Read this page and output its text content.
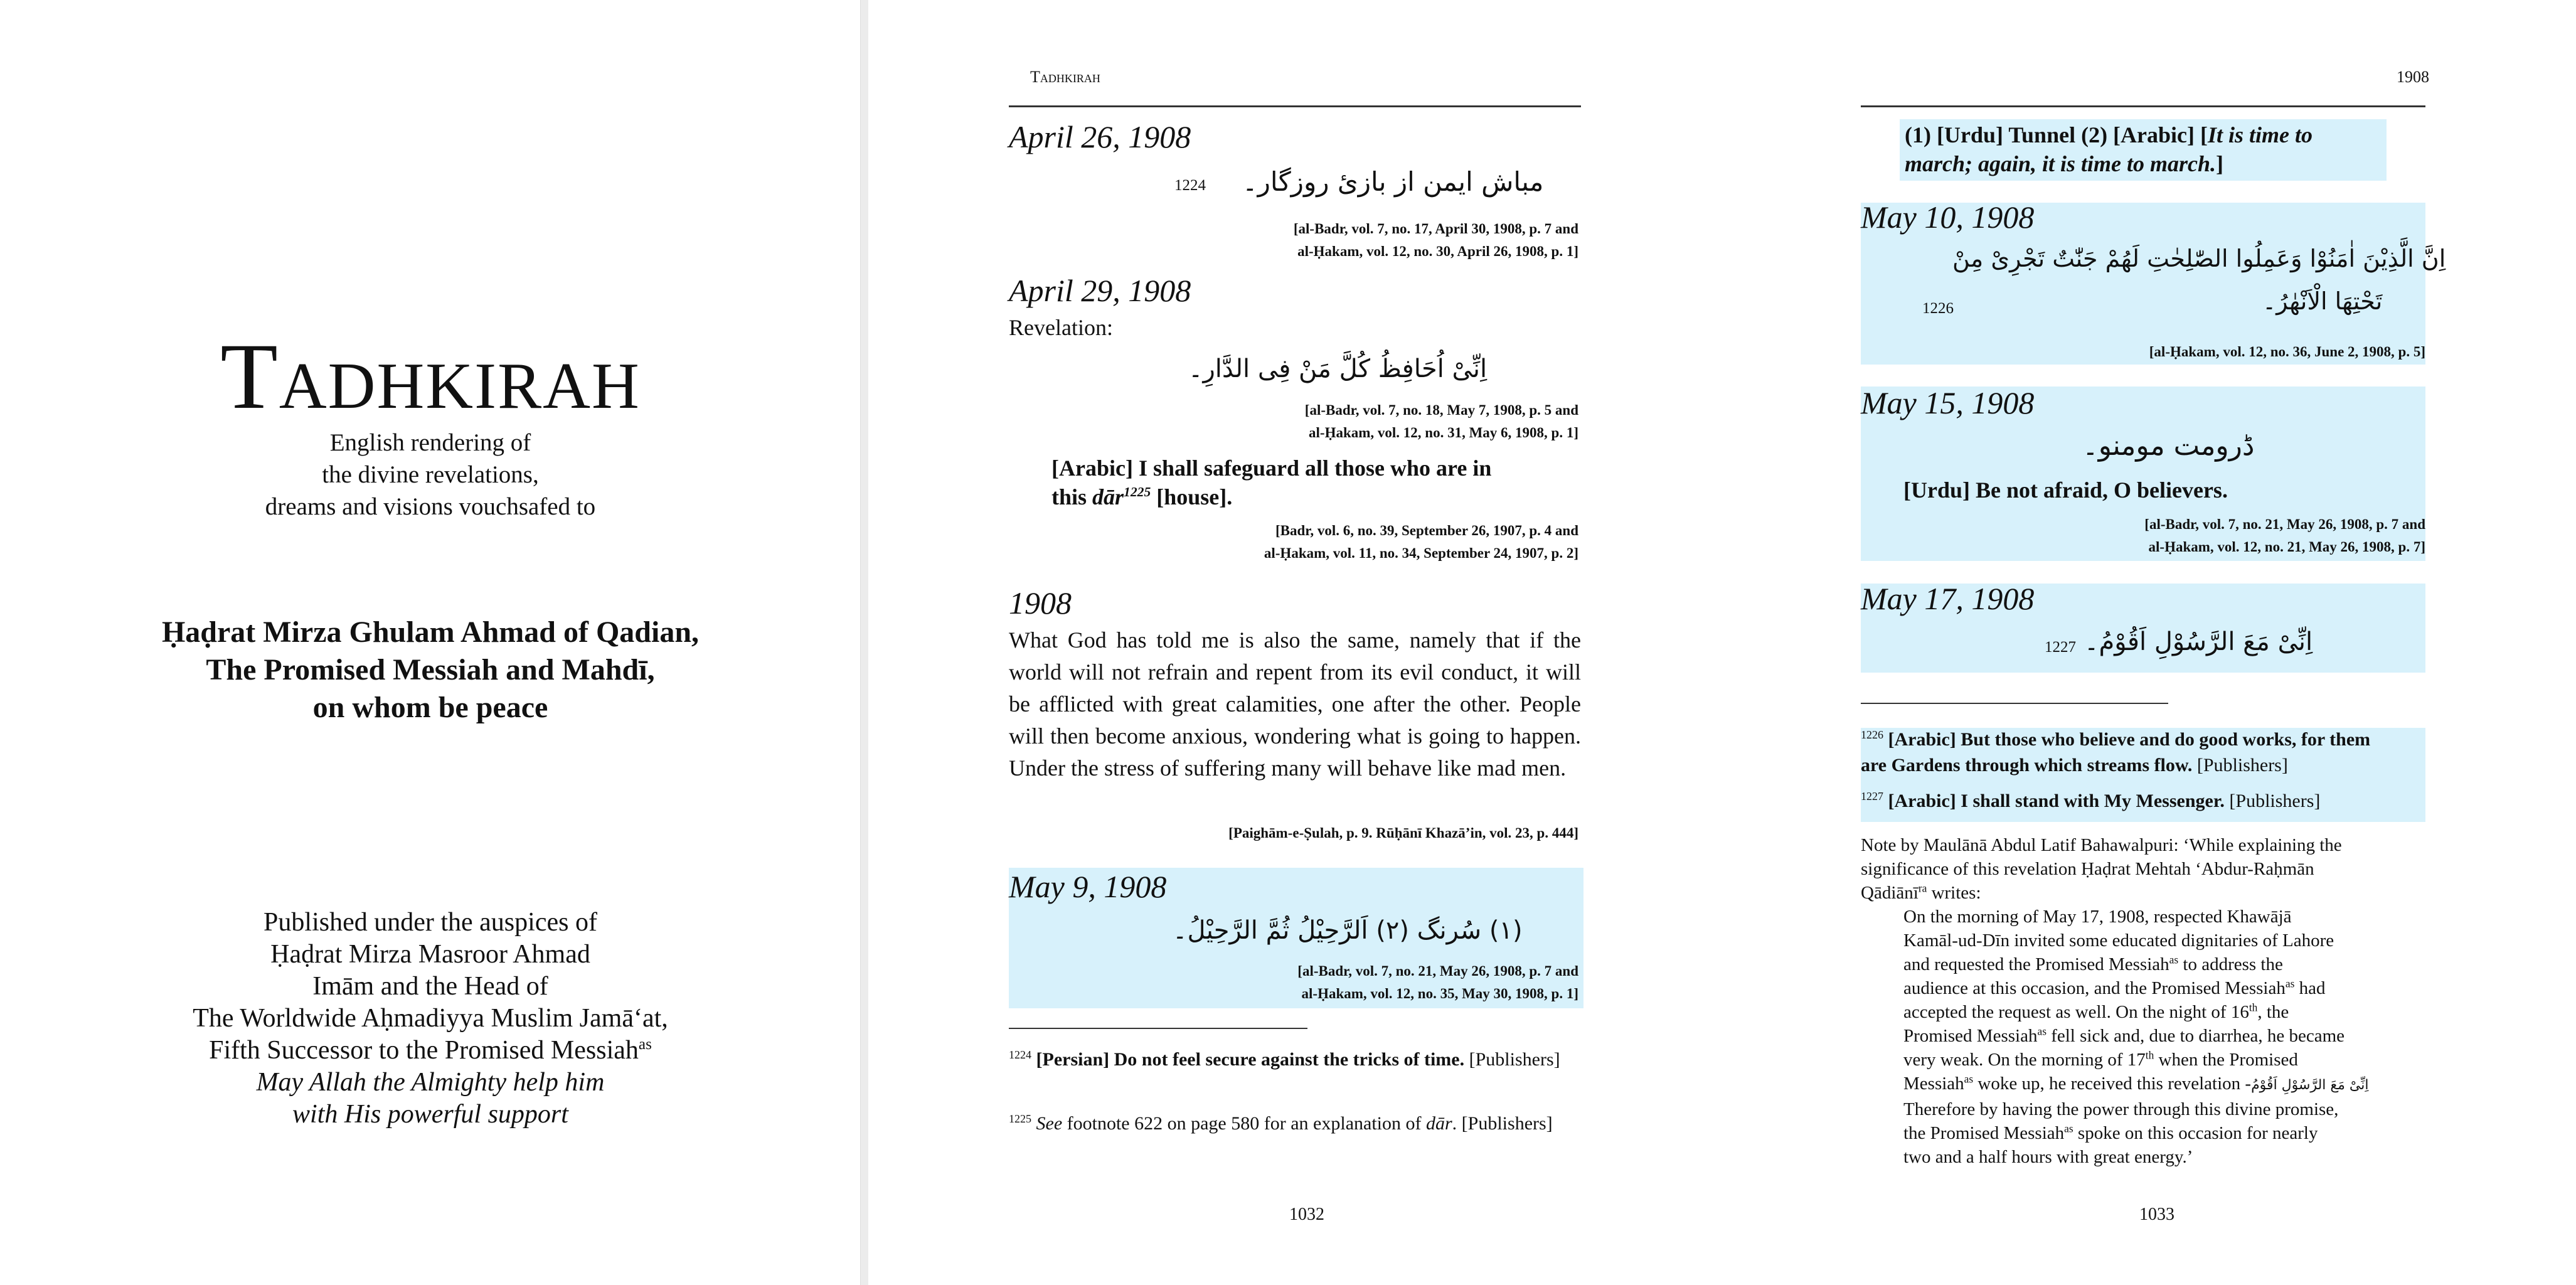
Tadhkirah
English rendering of
the divine revelations,
dreams and visions vouchsafed to
Ḥaḍrat Mirza Ghulam Ahmad of Qadian,
The Promised Messiah and Mahdī,
on whom be peace
Published under the auspices of
Ḥaḍrat Mirza Masroor Ahmad
Imām and the Head of
The Worldwide Aḥmadiyya Muslim Jamā‘at,
Fifth Successor to the Promised Messiah$^{as}$
May Allah the Almighty help him
with His powerful support
Tadhkirah
April 26, 1908
مباش ایمن از بازیٔ روزگار۔
1224
[al-Badr, vol. 7, no. 17, April 30, 1908, p. 7 and
al-Ḥakam, vol. 12, no. 30, April 26, 1908, p. 1]
April 29, 1908
Revelation:
اِنِّیْ اُحَافِظُ کُلَّ مَنْ فِی الدَّارِ۔
[al-Badr, vol. 7, no. 18, May 7, 1908, p. 5 and
al-Ḥakam, vol. 12, no. 31, May 6, 1908, p. 1]
[Arabic] I shall safeguard all those who are in
this dār$^{1225}$ [house].
[Badr, vol. 6, no. 39, September 26, 1907, p. 4 and
al-Ḥakam, vol. 11, no. 34, September 24, 1907, p. 2]
1908
What God has told me is also the same, namely that if the world will not refrain and repent from its evil conduct, it will be afflicted with great calamities, one after the other. People will then become anxious, wondering what is going to happen. Under the stress of suffering many will behave like mad men.
[Paighām-e-Ṣulah, p. 9. Rūḥānī Khazā’in, vol. 23, p. 444]
May 9, 1908
(۱) سُرنگ (۲) اَلرَّحِیْلُ ثُمَّ الرَّحِیْلُ۔
[al-Badr, vol. 7, no. 21, May 26, 1908, p. 7 and
al-Ḥakam, vol. 12, no. 35, May 30, 1908, p. 1]
$^{1224}$ [Persian] Do not feel secure against the tricks of time. [Publishers]
$^{1225}$ See footnote 622 on page 580 for an explanation of dār. [Publishers]
1032
1908
(1) [Urdu] Tunnel (2) [Arabic] [It is time to
march; again, it is time to march.]
May 10, 1908
اِنَّ الَّذِیْنَ اٰمَنُوْا وَعَمِلُوا الصّٰلِحٰتِ لَھُمْ جَنّٰتٌ تَجْرِیْ مِنْ
تَحْتِھَا الْاَنْھٰرُ۔
1226
[al-Ḥakam, vol. 12, no. 36, June 2, 1908, p. 5]
May 15, 1908
ڈرومت مومنو۔
[Urdu] Be not afraid, O believers.
[al-Badr, vol. 7, no. 21, May 26, 1908, p. 7 and
al-Ḥakam, vol. 12, no. 21, May 26, 1908, p. 7]
May 17, 1908
1227 اِنِّیْ مَعَ الرَّسُوْلِ اَقُوْمُ۔
$^{1226}$ [Arabic] But those who believe and do good works, for them
are Gardens through which streams flow. [Publishers]
$^{1227}$ [Arabic] I shall stand with My Messenger. [Publishers]
Note by Maulānā Abdul Latif Bahawalpuri: ‘While explaining the
significance of this revelation Ḥaḍrat Mehtah ‘Abdur-Raḥmān
Qādiānī$^{ra}$ writes:
On the morning of May 17, 1908, respected Khawājā
Kamāl-ud-Dīn invited some educated dignitaries of Lahore
and requested the Promised Messiah$^{as}$ to address the
audience at this occasion, and the Promised Messiah$^{as}$ had
accepted the request as well. On the night of 16th, the
Promised Messiah$^{as}$ fell sick and, due to diarrhea, he became
very weak. On the morning of 17th when the Promised
Messiah$^{as}$ woke up, he received this revelation -اِنِّیْ مَعَ الرَّسُوْلِ اَقُوْمُ
Therefore by having the power through this divine promise,
the Promised Messiah$^{as}$ spoke on this occasion for nearly
two and a half hours with great energy.’
1033
